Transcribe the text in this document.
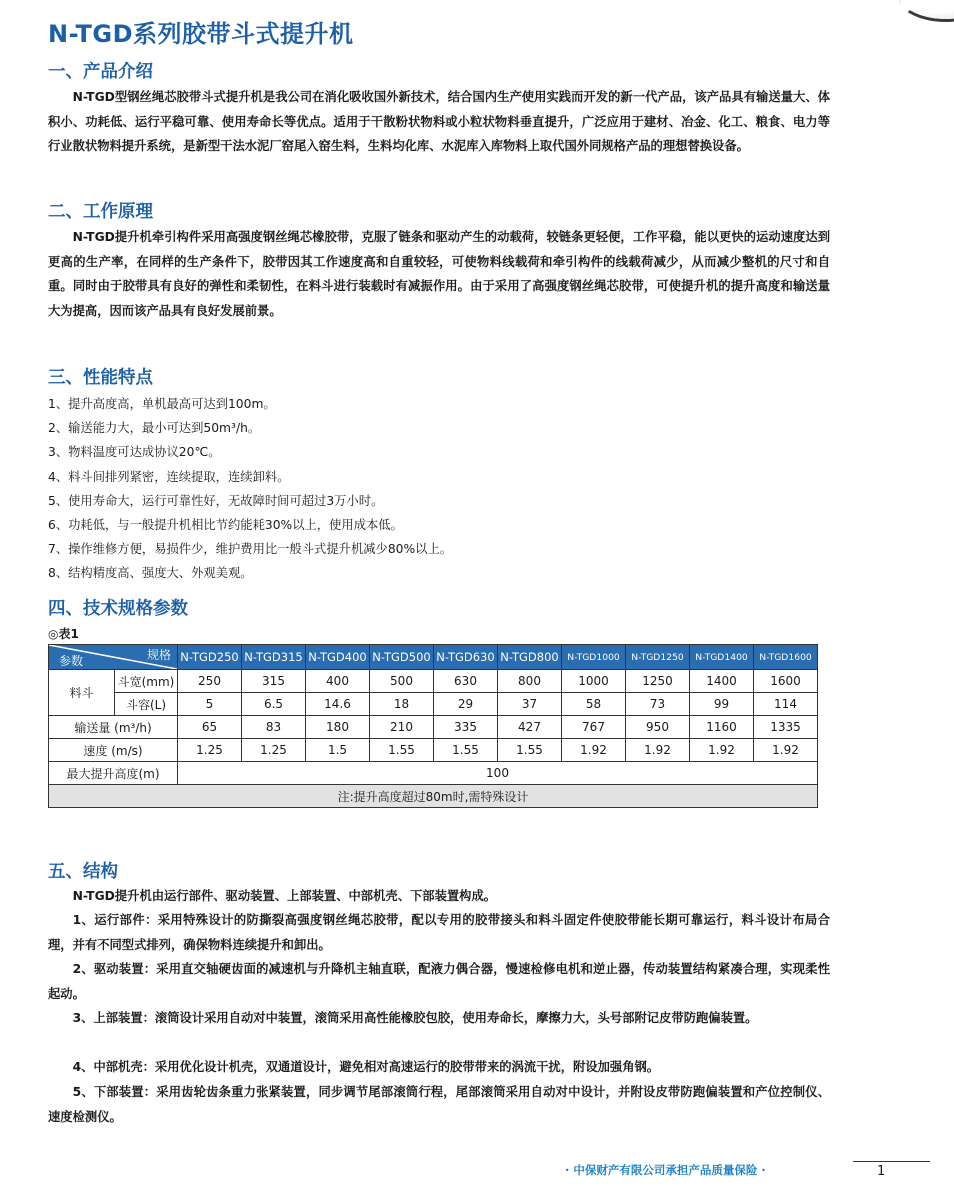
N-TGD系列胶带斗式提升机
一、产品介绍

N-TGD型钢丝绳芯胶带斗式提升机是我公司在消化吸收国外新技术，结合国内生产使用实践而开发的新一代产品，该产品具有输送量大、体积小、功耗低、运行平稳可靠、使用寿命长等优点。适用于干散粉状物料或小粒状物料垂直提升，广泛应用于建材、冶金、化工、粮食、电力等行业散状物料提升系统，是新型干法水泥厂窑尾入窑生料，生料均化库、水泥库入库物料上取代国外同规格产品的理想替换设备。

二、工作原理

N-TGD提升机牵引构件采用高强度钢丝绳芯橡胶带，克服了链条和驱动产生的动载荷，较链条更轻便，工作平稳，能以更快的运动速度达到更高的生产率，在同样的生产条件下，胶带因其工作速度高和自重较轻，可使物料线载荷和牵引构件的线载荷减少，从而减少整机的尺寸和自重。同时由于胶带具有良好的弹性和柔韧性，在料斗进行装载时有减振作用。由于采用了高强度钢丝绳芯胶带，可使提升机的提升高度和输送量大为提高，因而该产品具有良好发展前景。

三、性能特点
1、提升高度高，单机最高可达到100m。
2、输送能力大，最小可达到50m³/h。
3、物料温度可达成协议20℃。
4、料斗间排列紧密，连续提取，连续卸料。
5、使用寿命大，运行可靠性好，无故障时间可超过3万小时。
6、功耗低，与一般提升机相比节约能耗30%以上，使用成本低。
7、操作维修方便，易损件少，维护费用比一般斗式提升机减少80%以上。
8、结构精度高、强度大、外观美观。
四、技术规格参数
◎表1
规格
参数		N-TGD250	N-TGD315	N-TGD400	N-TGD500	N-TGD630	N-TGD800	N-TGD1000	N-TGD1250	N-TGD1400	N-TGD1600
料斗	斗宽(mm)	250	315	400	500	630	800	1000	1250	1400	1600
	斗容(L)	5	6.5	14.6	18	29	37	58	73	99	114
输送量 (m³/h)		65	83	180	210	335	427	767	950	1160	1335
速度 (m/s)		1.25	1.25	1.5	1.55	1.55	1.55	1.92	1.92	1.92	1.92
最大提升高度(m)		100									
注:提升高度超过80m时,需特殊设计											
五、结构

N-TGD提升机由运行部件、驱动装置、上部装置、中部机壳、下部装置构成。

1、运行部件：采用特殊设计的防撕裂高强度钢丝绳芯胶带，配以专用的胶带接头和料斗固定件使胶带能长期可靠运行，料斗设计布局合理，并有不同型式排列，确保物料连续提升和卸出。

2、驱动装置：采用直交轴硬齿面的减速机与升降机主轴直联，配液力偶合器，慢速检修电机和逆止器，传动装置结构紧凑合理，实现柔性起动。

3、上部装置：滚筒设计采用自动对中装置，滚筒采用高性能橡胶包胶，使用寿命长，摩擦力大，头号部附记皮带防跑偏装置。

4、中部机壳：采用优化设计机壳，双通道设计，避免相对高速运行的胶带带来的涡流干扰，附设加强角钢。

5、下部装置：采用齿轮齿条重力张紧装置，同步调节尾部滚筒行程，尾部滚筒采用自动对中设计，并附设皮带防跑偏装置和产位控制仪、速度检测仪。

· 中保财产有限公司承担产品质量保险 ·	1
